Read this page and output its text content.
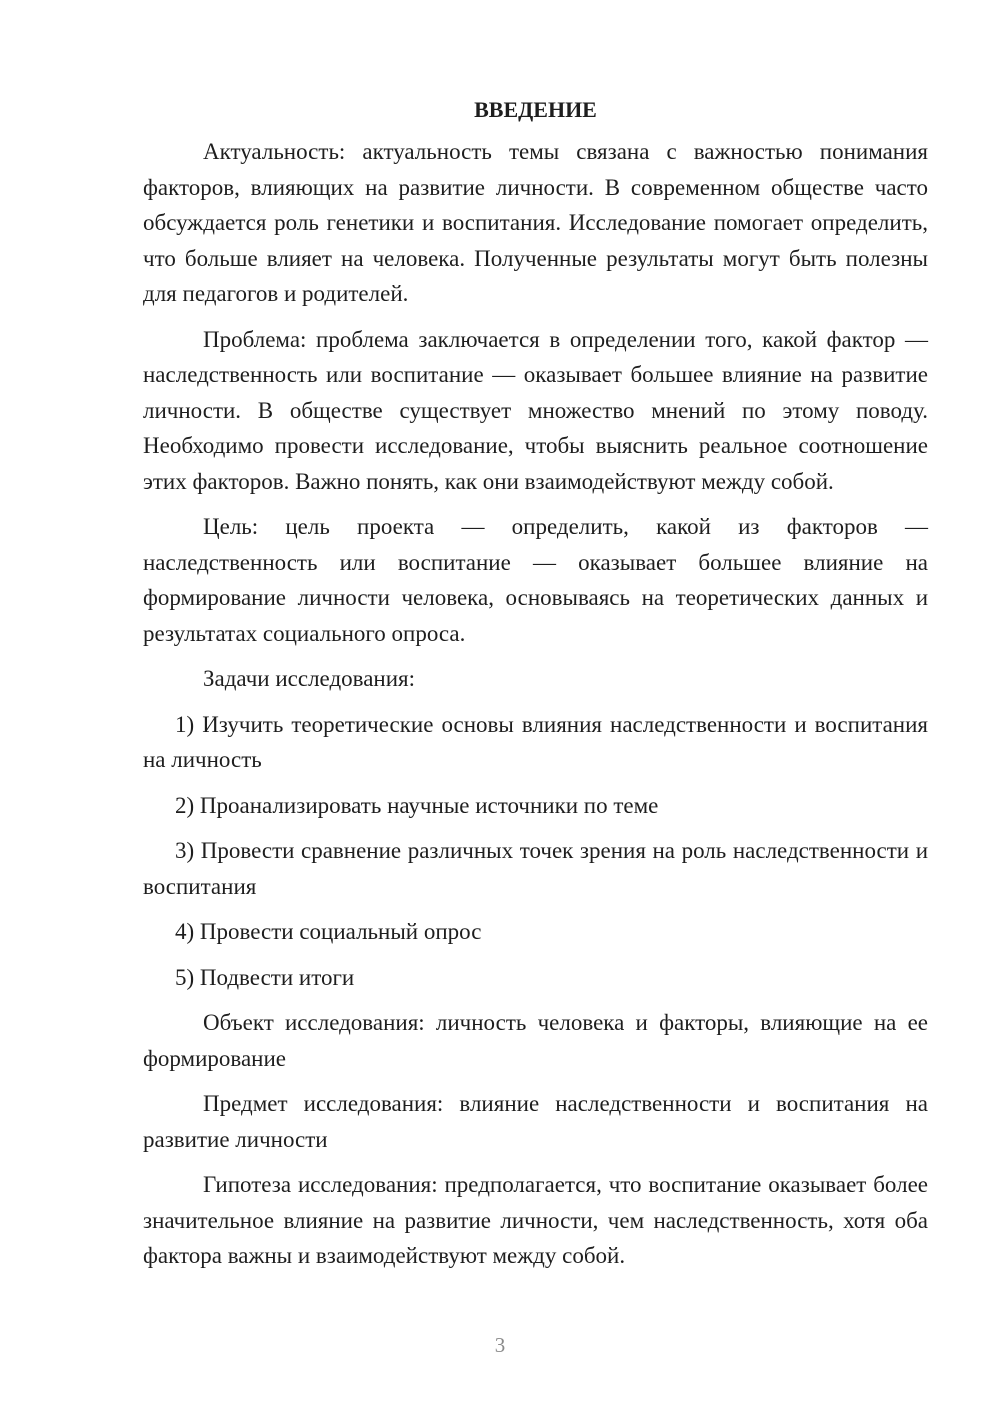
ВВЕДЕНИЕ

Актуальность: актуальность темы связана с важностью понимания факторов, влияющих на развитие личности. В современном обществе часто обсуждается роль генетики и воспитания. Исследование помогает определить, что больше влияет на человека. Полученные результаты могут быть полезны для педагогов и родителей.

Проблема: проблема заключается в определении того, какой фактор — наследственность или воспитание — оказывает большее влияние на развитие личности. В обществе существует множество мнений по этому поводу. Необходимо провести исследование, чтобы выяснить реальное соотношение этих факторов. Важно понять, как они взаимодействуют между собой.

Цель: цель проекта — определить, какой из факторов — наследственность или воспитание — оказывает большее влияние на формирование личности человека, основываясь на теоретических данных и результатах социального опроса.

Задачи исследования:

1) Изучить теоретические основы влияния наследственности и воспитания на личность

2) Проанализировать научные источники по теме

3) Провести сравнение различных точек зрения на роль наследственности и воспитания

4) Провести социальный опрос

5) Подвести итоги

Объект исследования: личность человека и факторы, влияющие на ее формирование

Предмет исследования: влияние наследственности и воспитания на развитие личности

Гипотеза исследования: предполагается, что воспитание оказывает более значительное влияние на развитие личности, чем наследственность, хотя оба фактора важны и взаимодействуют между собой.

3
